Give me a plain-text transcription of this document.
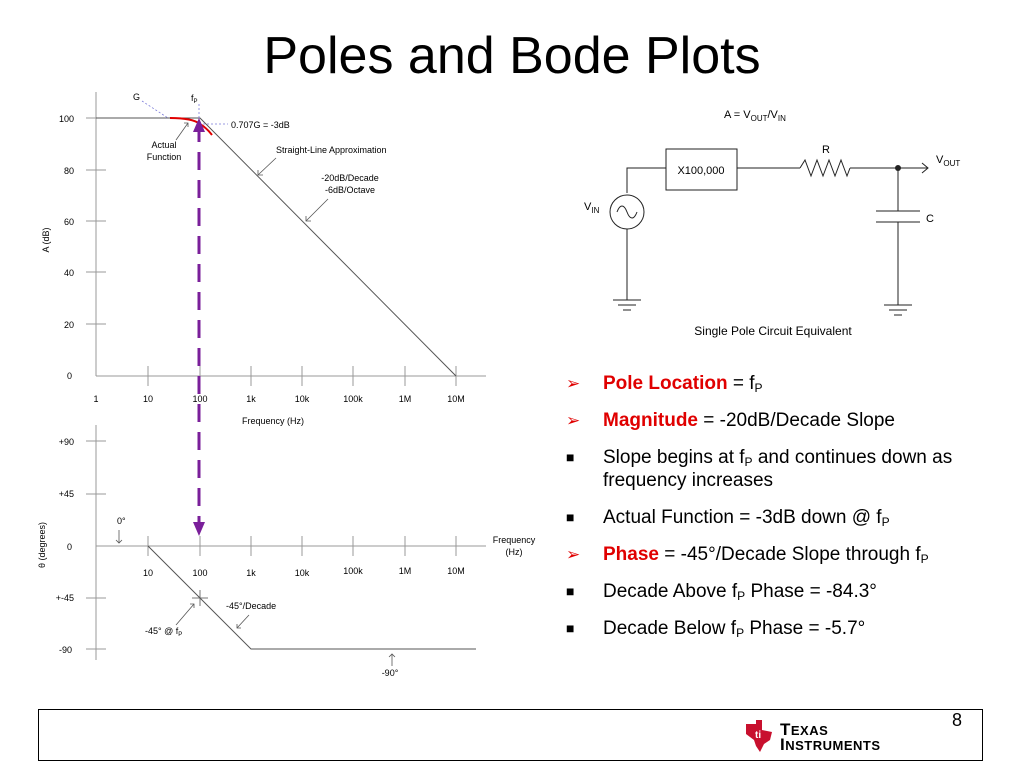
Poles and Bode Plots
100
80
60
40
20
0
1	10	100	1k	10k	100k	1M	10M
Frequency (Hz)
A (dB)
G	$f_P$
0.707G = -3dB
Actual
Function
Straight-Line Approximation
-20dB/Decade
-6dB/Octave
+90
+45
0
+-45
-90
10	100	1k	10k	100k	1M	10M
Frequency
(Hz)
θ (degrees)
0°
-45°/Decade
-45° @ $f_P$
-90°
$A = V_{OUT}/V_{IN}$
X100,000
$V_{IN}$
R
$V_{OUT}$
C
Single Pole Circuit Equivalent
➢ Pole Location = $f_P$
➢ Magnitude = -20dB/Decade Slope
■ Slope begins at $f_P$ and continues down as frequency increases
■ Actual Function = -3dB down @ $f_P$
➢ Phase = -45°/Decade Slope through $f_P$
■ Decade Above $f_P$ Phase = -84.3°
■ Decade Below $f_P$ Phase = -5.7°
8
ti TEXAS
INSTRUMENTS
